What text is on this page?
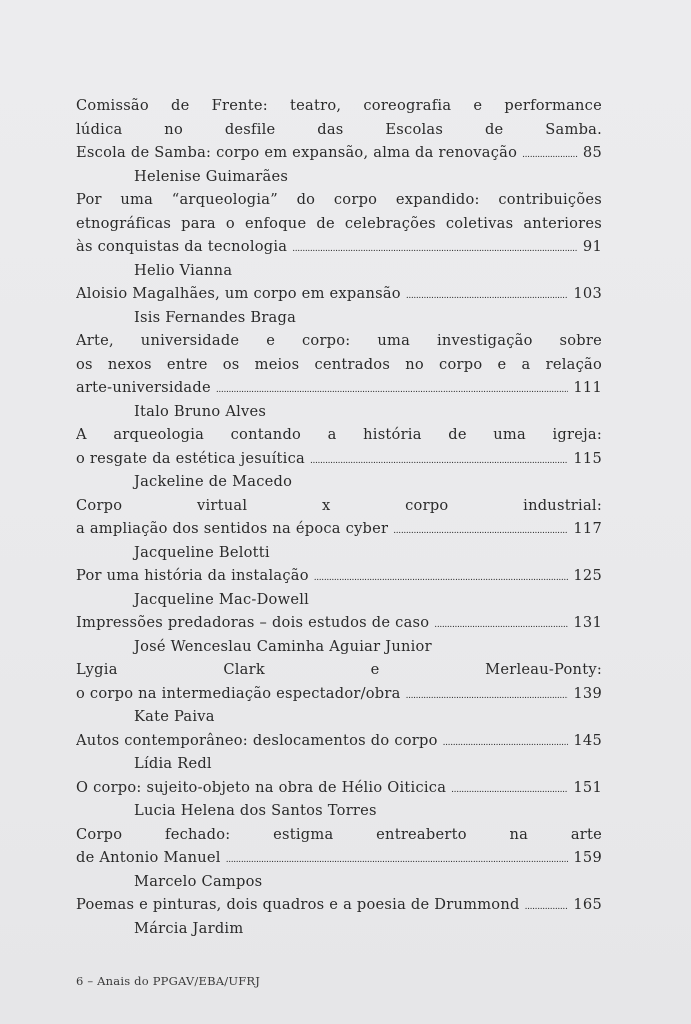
Comissão de Frente: teatro, coreografia e performance
lúdica no desfile das Escolas de Samba.
Escola de Samba: corpo em expansão, alma da renovação . . .	85
Helenise Guimarães
Por uma “arqueologia” do corpo expandido: contribuições
etnográficas para o enfoque de celebrações coletivas anteriores
às conquistas da tecnologia . . .	91
Helio Vianna
Aloisio Magalhães, um corpo em expansão . . .	103
Isis Fernandes Braga
Arte, universidade e corpo: uma investigação sobre
os nexos entre os meios centrados no corpo e a relação
arte-universidade . . .	111
Italo Bruno Alves
A arqueologia contando a história de uma igreja:
o resgate da estética jesuítica . . .	115
Jackeline de Macedo
Corpo virtual x corpo industrial:
a ampliação dos sentidos na época cyber . . .	117
Jacqueline Belotti
Por uma história da instalação . . .	125
Jacqueline Mac-Dowell
Impressões predadoras – dois estudos de caso . . .	131
José Wenceslau Caminha Aguiar Junior
Lygia Clark e Merleau-Ponty:
o corpo na intermediação espectador/obra . . .	139
Kate Paiva
Autos contemporâneo: deslocamentos do corpo . . .	145
Lídia Redl
O corpo: sujeito-objeto na obra de Hélio Oiticica . . .	151
Lucia Helena dos Santos Torres
Corpo fechado: estigma entreaberto na arte
de Antonio Manuel . . .	159
Marcelo Campos
Poemas e pinturas, dois quadros e a poesia de Drummond . . .	165
Márcia Jardim
6 – Anais do PPGAV/EBA/UFRJ
